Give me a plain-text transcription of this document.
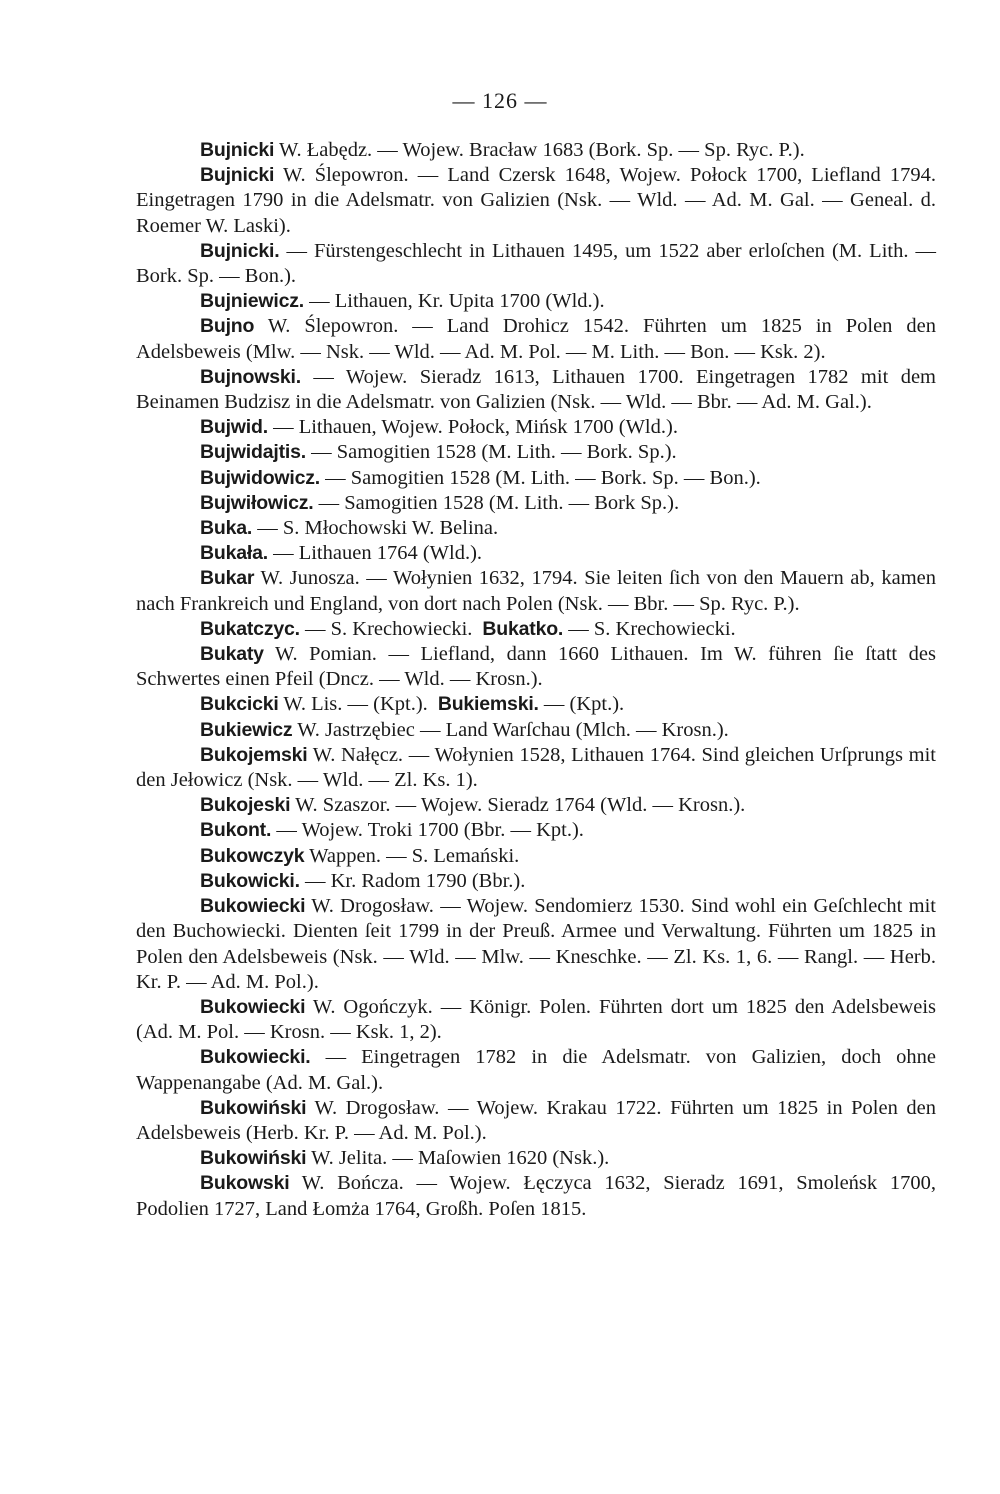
— 126 —

Bujnicki W. Łabędz. — Wojew. Bracław 1683 (Bork. Sp. — Sp. Ryc. P.).

Bujnicki W. Ślepowron. — Land Czersk 1648, Wojew. Połock 1700, Liefland 1794. Eingetragen 1790 in die Adelsmatr. von Galizien (Nsk. — Wld. — Ad. M. Gal. — Geneal. d. Roemer W. Laski).

Bujnicki. — Fürstengeschlecht in Lithauen 1495, um 1522 aber erloſchen (M. Lith. — Bork. Sp. — Bon.).

Bujniewicz. — Lithauen, Kr. Upita 1700 (Wld.).

Bujno W. Ślepowron. — Land Drohicz 1542. Führten um 1825 in Polen den Adelsbeweis (Mlw. — Nsk. — Wld. — Ad. M. Pol. — M. Lith. — Bon. — Ksk. 2).

Bujnowski. — Wojew. Sieradz 1613, Lithauen 1700. Eingetragen 1782 mit dem Beinamen Budzisz in die Adelsmatr. von Galizien (Nsk. — Wld. — Bbr. — Ad. M. Gal.).

Bujwid. — Lithauen, Wojew. Połock, Mińsk 1700 (Wld.).

Bujwidajtis. — Samogitien 1528 (M. Lith. — Bork. Sp.).

Bujwidowicz. — Samogitien 1528 (M. Lith. — Bork. Sp. — Bon.).

Bujwiłowicz. — Samogitien 1528 (M. Lith. — Bork Sp.).

Buka. — S. Młochowski W. Belina.

Bukała. — Lithauen 1764 (Wld.).

Bukar W. Junosza. — Wołynien 1632, 1794. Sie leiten ſich von den Mauern ab, kamen nach Frankreich und England, von dort nach Polen (Nsk. — Bbr. — Sp. Ryc. P.).

Bukatczyc. — S. Krechowiecki. Bukatko. — S. Krechowiecki.

Bukaty W. Pomian. — Liefland, dann 1660 Lithauen. Im W. führen ſie ſtatt des Schwertes einen Pfeil (Dncz. — Wld. — Krosn.).

Bukcicki W. Lis. — (Kpt.). Bukiemski. — (Kpt.).

Bukiewicz W. Jastrzębiec — Land Warſchau (Mlch. — Krosn.).

Bukojemski W. Nałęcz. — Wołynien 1528, Lithauen 1764. Sind gleichen Urſprungs mit den Jełowicz (Nsk. — Wld. — Zl. Ks. 1).

Bukojeski W. Szaszor. — Wojew. Sieradz 1764 (Wld. — Krosn.).

Bukont. — Wojew. Troki 1700 (Bbr. — Kpt.).

Bukowczyk Wappen. — S. Lemański.

Bukowicki. — Kr. Radom 1790 (Bbr.).

Bukowiecki W. Drogosław. — Wojew. Sendomierz 1530. Sind wohl ein Geſchlecht mit den Buchowiecki. Dienten ſeit 1799 in der Preuß. Armee und Verwaltung. Führten um 1825 in Polen den Adelsbeweis (Nsk. — Wld. — Mlw. — Kneschke. — Zl. Ks. 1, 6. — Rangl. — Herb. Kr. P. — Ad. M. Pol.).

Bukowiecki W. Ogończyk. — Königr. Polen. Führten dort um 1825 den Adelsbeweis (Ad. M. Pol. — Krosn. — Ksk. 1, 2).

Bukowiecki. — Eingetragen 1782 in die Adelsmatr. von Galizien, doch ohne Wappenangabe (Ad. M. Gal.).

Bukowiński W. Drogosław. — Wojew. Krakau 1722. Führten um 1825 in Polen den Adelsbeweis (Herb. Kr. P. — Ad. M. Pol.).

Bukowiński W. Jelita. — Maſowien 1620 (Nsk.).

Bukowski W. Bończa. — Wojew. Łęczyca 1632, Sieradz 1691, Smoleńsk 1700, Podolien 1727, Land Łomża 1764, Großh. Poſen 1815.
